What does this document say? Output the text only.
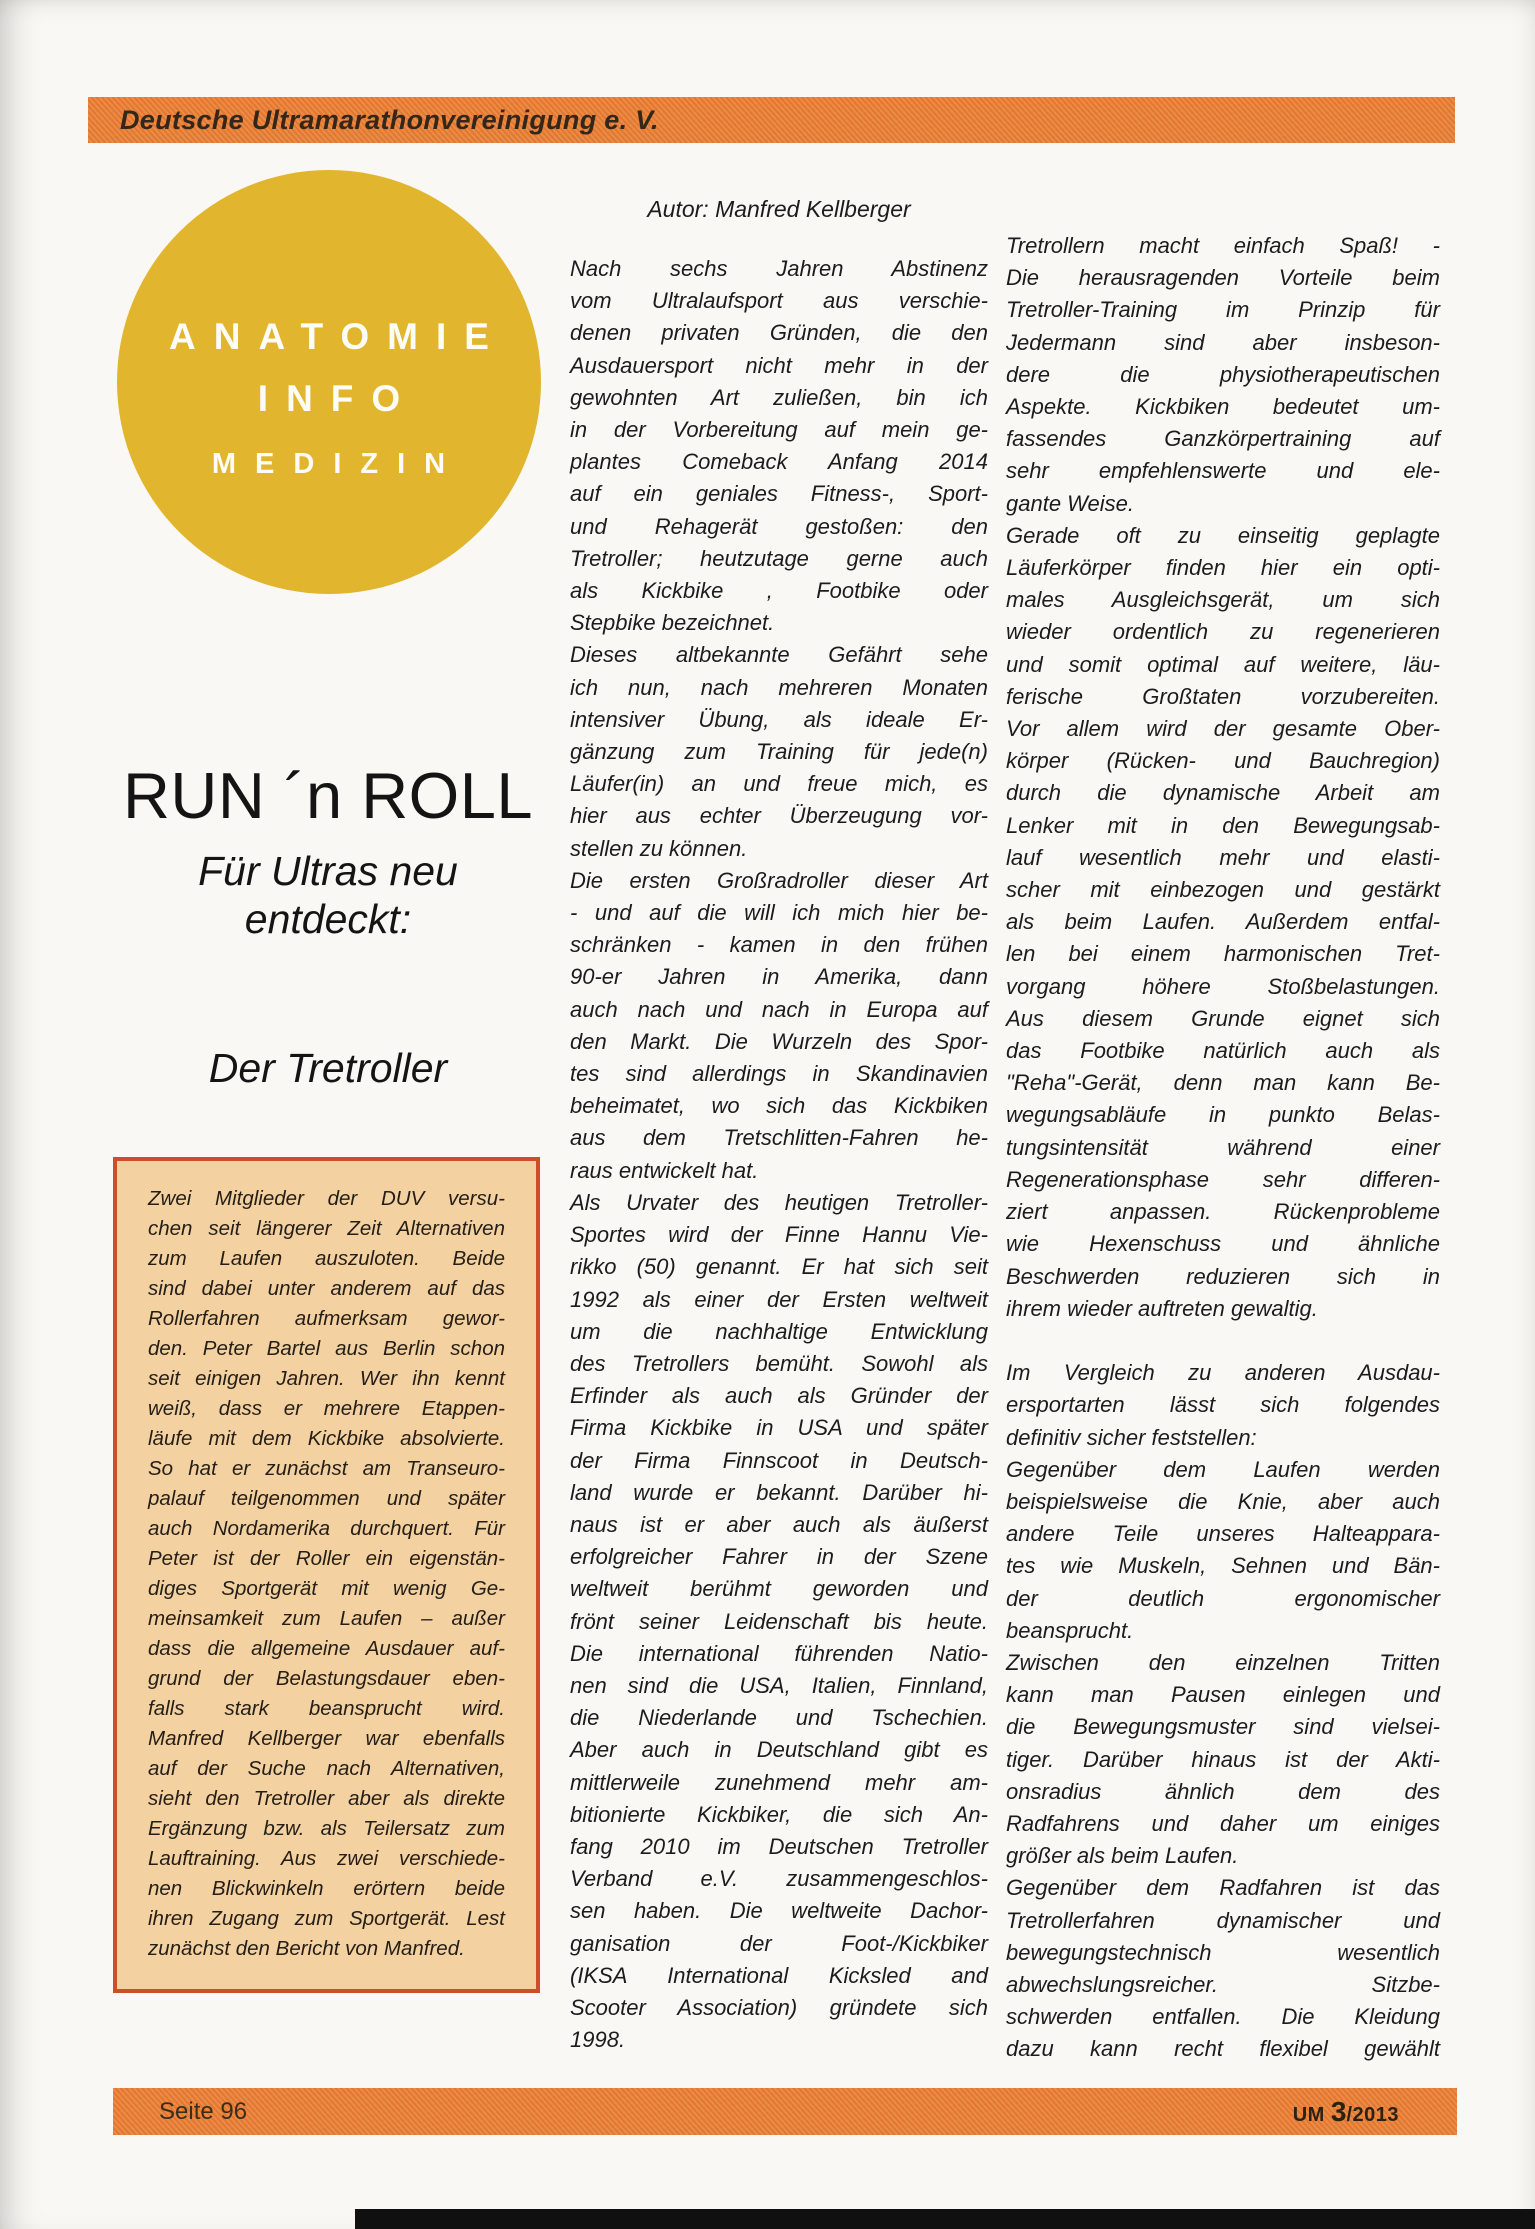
Deutsche Ultramarathonvereinigung e. V.
ANATOMIE
INFO
MEDIZIN
RUN ´n ROLL
Für Ultras neu
entdeckt:
Der Tretroller
Zwei Mitglieder der DUV versu-
chen seit längerer Zeit Alternativen
zum Laufen auszuloten. Beide
sind dabei unter anderem auf das
Rollerfahren aufmerksam gewor-
den. Peter Bartel aus Berlin schon
seit einigen Jahren. Wer ihn kennt
weiß, dass er mehrere Etappen-
läufe mit dem Kickbike absolvierte.
So hat er zunächst am Transeuro-
palauf teilgenommen und später
auch Nordamerika durchquert. Für
Peter ist der Roller ein eigenstän-
diges Sportgerät mit wenig Ge-
meinsamkeit zum Laufen – außer
dass die allgemeine Ausdauer auf-
grund der Belastungsdauer eben-
falls stark beansprucht wird.
Manfred Kellberger war ebenfalls
auf der Suche nach Alternativen,
sieht den Tretroller aber als direkte
Ergänzung bzw. als Teilersatz zum
Lauftraining. Aus zwei verschiede-
nen Blickwinkeln erörtern beide
ihren Zugang zum Sportgerät. Lest
zunächst den Bericht von Manfred.
Autor: Manfred Kellberger
Nach sechs Jahren Abstinenz
vom Ultralaufsport aus verschie-
denen privaten Gründen, die den
Ausdauersport nicht mehr in der
gewohnten Art zuließen, bin ich
in der Vorbereitung auf mein ge-
plantes Comeback Anfang 2014
auf ein geniales Fitness-, Sport-
und Rehagerät gestoßen: den
Tretroller; heutzutage gerne auch
als Kickbike , Footbike oder
Stepbike bezeichnet.
Dieses altbekannte Gefährt sehe
ich nun, nach mehreren Monaten
intensiver Übung, als ideale Er-
gänzung zum Training für jede(n)
Läufer(in) an und freue mich, es
hier aus echter Überzeugung vor-
stellen zu können.
Die ersten Großradroller dieser Art
- und auf die will ich mich hier be-
schränken - kamen in den frühen
90-er Jahren in Amerika, dann
auch nach und nach in Europa auf
den Markt. Die Wurzeln des Spor-
tes sind allerdings in Skandinavien
beheimatet, wo sich das Kickbiken
aus dem Tretschlitten-Fahren he-
raus entwickelt hat.
Als Urvater des heutigen Tretroller-
Sportes wird der Finne Hannu Vie-
rikko (50) genannt. Er hat sich seit
1992 als einer der Ersten weltweit
um die nachhaltige Entwicklung
des Tretrollers bemüht. Sowohl als
Erfinder als auch als Gründer der
Firma Kickbike in USA und später
der Firma Finnscoot in Deutsch-
land wurde er bekannt. Darüber hi-
naus ist er aber auch als äußerst
erfolgreicher Fahrer in der Szene
weltweit berühmt geworden und
frönt seiner Leidenschaft bis heute.
Die international führenden Natio-
nen sind die USA, Italien, Finnland,
die Niederlande und Tschechien.
Aber auch in Deutschland gibt es
mittlerweile zunehmend mehr am-
bitionierte Kickbiker, die sich An-
fang 2010 im Deutschen Tretroller
Verband e.V. zusammengeschlos-
sen haben. Die weltweite Dachor-
ganisation der Foot-/Kickbiker
(IKSA International Kicksled and
Scooter Association) gründete sich
1998.
Tretrollern macht einfach Spaß! -
Die herausragenden Vorteile beim
Tretroller-Training im Prinzip für
Jedermann sind aber insbeson-
dere die physiotherapeutischen
Aspekte. Kickbiken bedeutet um-
fassendes Ganzkörpertraining auf
sehr empfehlenswerte und ele-
gante Weise.
Gerade oft zu einseitig geplagte
Läuferkörper finden hier ein opti-
males Ausgleichsgerät, um sich
wieder ordentlich zu regenerieren
und somit optimal auf weitere, läu-
ferische Großtaten vorzubereiten.
Vor allem wird der gesamte Ober-
körper (Rücken- und Bauchregion)
durch die dynamische Arbeit am
Lenker mit in den Bewegungsab-
lauf wesentlich mehr und elasti-
scher mit einbezogen und gestärkt
als beim Laufen. Außerdem entfal-
len bei einem harmonischen Tret-
vorgang höhere Stoßbelastungen.
Aus diesem Grunde eignet sich
das Footbike natürlich auch als
"Reha"-Gerät, denn man kann Be-
wegungsabläufe in punkto Belas-
tungsintensität während einer
Regenerationsphase sehr differen-
ziert anpassen. Rückenprobleme
wie Hexenschuss und ähnliche
Beschwerden reduzieren sich in
ihrem wieder auftreten gewaltig.
Im Vergleich zu anderen Ausdau-
ersportarten lässt sich folgendes
definitiv sicher feststellen:
Gegenüber dem Laufen werden
beispielsweise die Knie, aber auch
andere Teile unseres Halteappara-
tes wie Muskeln, Sehnen und Bän-
der deutlich ergonomischer
beansprucht.
Zwischen den einzelnen Tritten
kann man Pausen einlegen und
die Bewegungsmuster sind vielsei-
tiger. Darüber hinaus ist der Akti-
onsradius ähnlich dem des
Radfahrens und daher um einiges
größer als beim Laufen.
Gegenüber dem Radfahren ist das
Tretrollerfahren dynamischer und
bewegungstechnisch wesentlich
abwechslungsreicher. Sitzbe-
schwerden entfallen. Die Kleidung
dazu kann recht flexibel gewählt
Seite 96	UM 3/2013
